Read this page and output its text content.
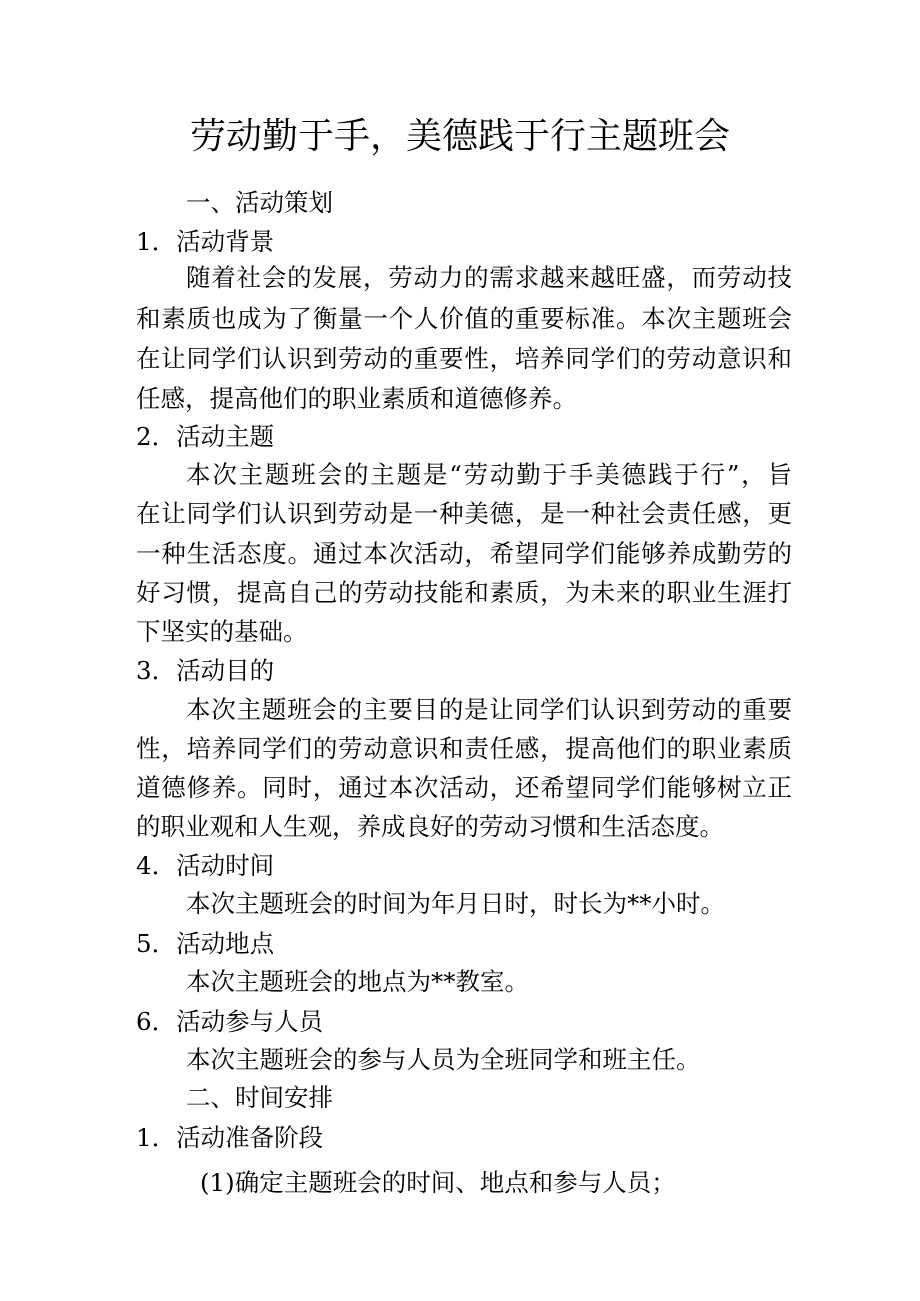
劳动勤于手，美德践于行主题班会
一、活动策划
1．活动背景
随着社会的发展，劳动力的需求越来越旺盛，而劳动技
和素质也成为了衡量一个人价值的重要标准。本次主题班会
在让同学们认识到劳动的重要性，培养同学们的劳动意识和
任感，提高他们的职业素质和道德修养。
2．活动主题
本次主题班会的主题是“劳动勤于手美德践于行”，旨
在让同学们认识到劳动是一种美德，是一种社会责任感，更
一种生活态度。通过本次活动，希望同学们能够养成勤劳的
好习惯，提高自己的劳动技能和素质，为未来的职业生涯打
下坚实的基础。
3．活动目的
本次主题班会的主要目的是让同学们认识到劳动的重要
性，培养同学们的劳动意识和责任感，提高他们的职业素质
道德修养。同时，通过本次活动，还希望同学们能够树立正
的职业观和人生观，养成良好的劳动习惯和生活态度。
4．活动时间
本次主题班会的时间为年月日时，时长为**小时。
5．活动地点
本次主题班会的地点为**教室。
6．活动参与人员
本次主题班会的参与人员为全班同学和班主任。
二、时间安排
1．活动准备阶段
(1)确定主题班会的时间、地点和参与人员；
